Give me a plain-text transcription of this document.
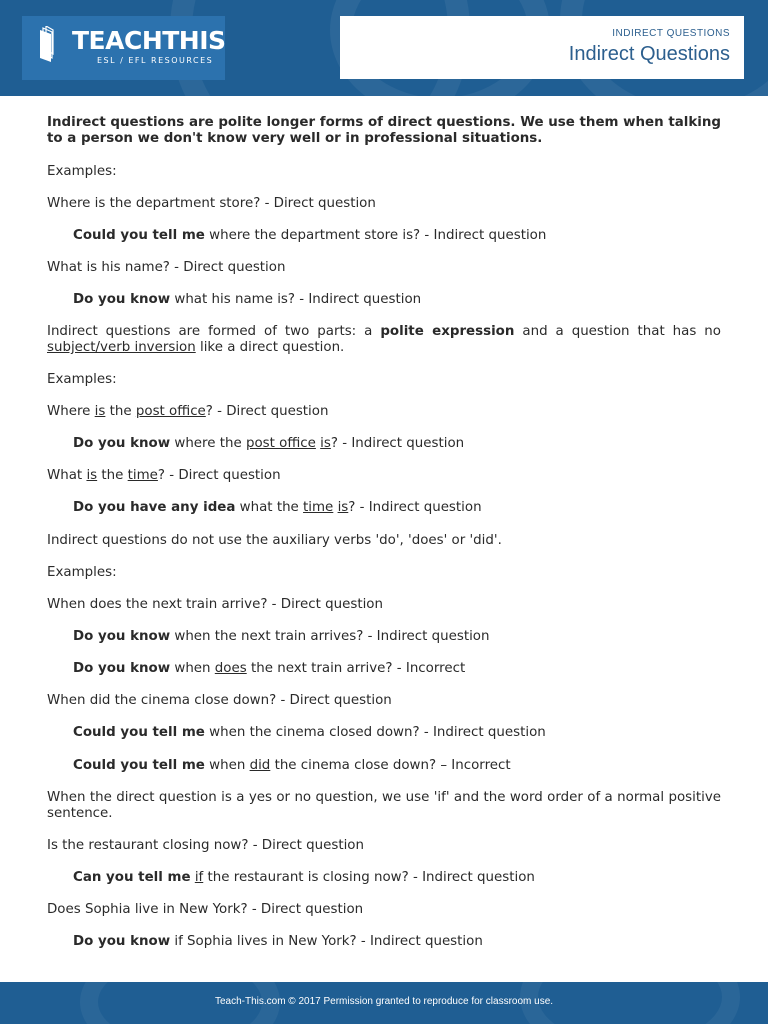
TEACHTHIS
ESL / EFL RESOURCES
INDIRECT QUESTIONS
Indirect Questions
Indirect questions are polite longer forms of direct questions. We use them when talking to a person we don't know very well or in professional situations.
Examples:
Where is the department store? - Direct question
Could you tell me where the department store is? - Indirect question
What is his name? - Direct question
Do you know what his name is? - Indirect question
Indirect questions are formed of two parts: a polite expression and a question that has no subject/verb inversion like a direct question.
Examples:
Where is the post office? - Direct question
Do you know where the post office is? - Indirect question
What is the time? - Direct question
Do you have any idea what the time is? - Indirect question
Indirect questions do not use the auxiliary verbs 'do', 'does' or 'did'.
Examples:
When does the next train arrive? - Direct question
Do you know when the next train arrives? - Indirect question
Do you know when does the next train arrive? - Incorrect
When did the cinema close down? - Direct question
Could you tell me when the cinema closed down? - Indirect question
Could you tell me when did the cinema close down? – Incorrect
When the direct question is a yes or no question, we use 'if' and the word order of a normal positive sentence.
Is the restaurant closing now? - Direct question
Can you tell me if the restaurant is closing now? - Indirect question
Does Sophia live in New York? - Direct question
Do you know if Sophia lives in New York? - Indirect question
Teach-This.com © 2017 Permission granted to reproduce for classroom use.
